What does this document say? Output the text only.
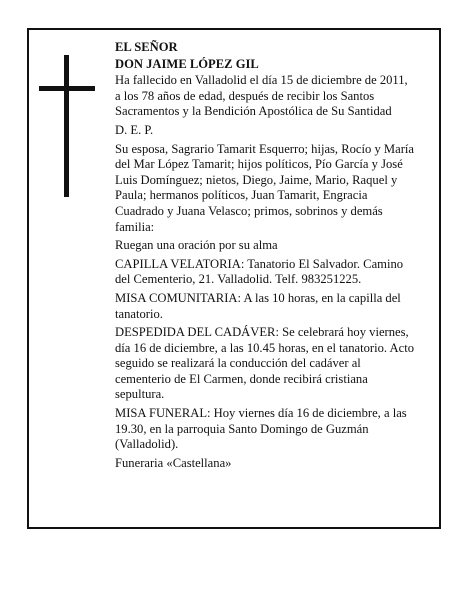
EL SEÑOR

DON JAIME LÓPEZ GIL

Ha fallecido en Valladolid el día 15 de diciembre de 2011, a los 78 años de edad, después de recibir los Santos Sacramentos y la Bendición Apostólica de Su Santidad

D. E. P.

Su esposa, Sagrario Tamarit Esquerro; hijas, Rocío y María del Mar López Tamarit; hijos políticos, Pío García y José Luis Domínguez; nietos, Diego, Jaime, Mario, Raquel y Paula; hermanos políticos, Juan Tamarit, Engracia Cuadrado y Juana Velasco; primos, sobrinos y demás familia:

Ruegan una oración por su alma

CAPILLA VELATORIA: Tanatorio El Salvador. Camino del Cementerio, 21. Valladolid. Telf. 983251225.

MISA COMUNITARIA: A las 10 horas, en la capilla del tanatorio.

DESPEDIDA DEL CADÁVER: Se celebrará hoy viernes, día 16 de diciembre, a las 10.45 horas, en el tanatorio. Acto seguido se realizará la conducción del cadáver al cementerio de El Carmen, donde recibirá cristiana sepultura.

MISA FUNERAL: Hoy viernes día 16 de diciembre, a las 19.30, en la parroquia Santo Domingo de Guzmán (Valladolid).

Funeraria «Castellana»
